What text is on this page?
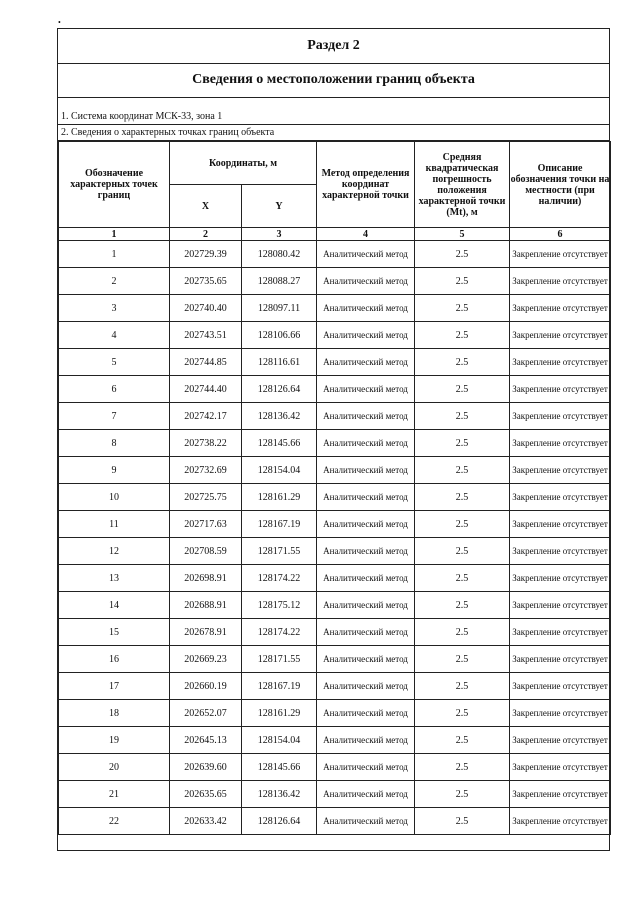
•
Раздел 2
Сведения о местоположении границ объекта
1. Система координат МСК-33, зона 1
2. Сведения о характерных точках границ объекта
Обозначение характерных точек границ	Координаты, м		Метод определения координат характерной точки	Средняя квадратическая погрешность положения характерной точки (Mt), м	Описание обозначения точки на местности (при наличии)
	X	Y			
1	2	3	4	5	6
1	202729.39	128080.42	Аналитический метод	2.5	Закрепление отсутствует
2	202735.65	128088.27	Аналитический метод	2.5	Закрепление отсутствует
3	202740.40	128097.11	Аналитический метод	2.5	Закрепление отсутствует
4	202743.51	128106.66	Аналитический метод	2.5	Закрепление отсутствует
5	202744.85	128116.61	Аналитический метод	2.5	Закрепление отсутствует
6	202744.40	128126.64	Аналитический метод	2.5	Закрепление отсутствует
7	202742.17	128136.42	Аналитический метод	2.5	Закрепление отсутствует
8	202738.22	128145.66	Аналитический метод	2.5	Закрепление отсутствует
9	202732.69	128154.04	Аналитический метод	2.5	Закрепление отсутствует
10	202725.75	128161.29	Аналитический метод	2.5	Закрепление отсутствует
11	202717.63	128167.19	Аналитический метод	2.5	Закрепление отсутствует
12	202708.59	128171.55	Аналитический метод	2.5	Закрепление отсутствует
13	202698.91	128174.22	Аналитический метод	2.5	Закрепление отсутствует
14	202688.91	128175.12	Аналитический метод	2.5	Закрепление отсутствует
15	202678.91	128174.22	Аналитический метод	2.5	Закрепление отсутствует
16	202669.23	128171.55	Аналитический метод	2.5	Закрепление отсутствует
17	202660.19	128167.19	Аналитический метод	2.5	Закрепление отсутствует
18	202652.07	128161.29	Аналитический метод	2.5	Закрепление отсутствует
19	202645.13	128154.04	Аналитический метод	2.5	Закрепление отсутствует
20	202639.60	128145.66	Аналитический метод	2.5	Закрепление отсутствует
21	202635.65	128136.42	Аналитический метод	2.5	Закрепление отсутствует
22	202633.42	128126.64	Аналитический метод	2.5	Закрепление отсутствует
